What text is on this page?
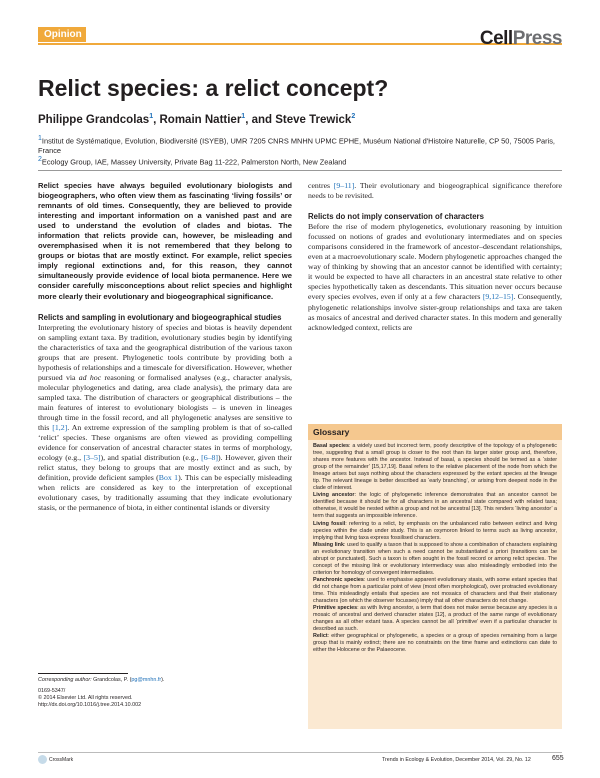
Opinion	CellPress
Relict species: a relict concept?
Philippe Grandcolas$^1$, Romain Nattier$^1$, and Steve Trewick$^2$
$^1$Institut de Systématique, Evolution, Biodiversité (ISYEB), UMR 7205 CNRS MNHN UPMC EPHE, Muséum National d'Histoire Naturelle, CP 50, 75005 Paris, France
$^2$Ecology Group, IAE, Massey University, Private Bag 11-222, Palmerston North, New Zealand

Relict species have always beguiled evolutionary biologists and biogeographers, who often view them as fascinating ‘living fossils’ or remnants of old times. Consequently, they are believed to provide interesting and important information on a vanished past and are used to understand the evolution of clades and biotas. The information that relicts provide can, however, be misleading and overemphasised when it is not remembered that they belong to groups or biotas that are mostly extinct. For example, relict species imply regional extinctions and, for this reason, they cannot simultaneously provide evidence of local biota permanence. Here we consider carefully misconceptions about relict species and highlight more clearly their evolutionary and biogeographical significance.

Relicts and sampling in evolutionary and biogeographical studies

Interpreting the evolutionary history of species and biotas is heavily dependent on sampling extant taxa. By tradition, evolutionary studies begin by identifying the characteristics of taxa and the geographical distribution of the various taxon groups that are present. Phylogenetic tools contribute by providing both a hypothesis of relationships and a timescale for diversification. However, whether pursued via ad hoc reasoning or formalised analyses (e.g., character analysis, molecular phylogenetics and dating, area clade analysis), the primary data are sampled taxa. The distribution of characters or geographical distributions – the main features of interest to evolutionary biologists – is uneven in lineages through time in the fossil record, and all phylogenetic analyses are sensitive to this [1,2]. An extreme expression of the sampling problem is that of so-called ‘relict’ species. These organisms are often viewed as providing compelling evidence for conservation of ancestral character states in terms of morphology, ecology (e.g., [3–5]), and spatial distribution (e.g., [6–8]). However, given their relict status, they belong to groups that are mostly extinct and as such, by definition, provide deficient samples (Box 1). This can be especially misleading when relicts are considered as key to the interpretation of exceptional evolutionary cases, by traditionally assuming that they indicate evolutionary stasis, or the permanence of biota, in either continental islands or diversity

centres [9–11]. Their evolutionary and biogeographical significance therefore needs to be revisited.

Relicts do not imply conservation of characters

Before the rise of modern phylogenetics, evolutionary reasoning by intuition focussed on notions of grades and evolutionary intermediates and on species comparisons considered in the framework of ancestor–descendant relationships, even at a macroevolutionary scale. Modern phylogenetic approaches changed the way of thinking by showing that an ancestor cannot be identified with certainty; it would be expected to have all characters in an ancestral state relative to other species hypothetically taken as descendants. This situation never occurs because every species evolves, even if only at a few characters [9,12–15]. Consequently, phylogenetic relationships involve sister-group relationships and taxa are taken as mosaics of ancestral and derived character states. In this modern and generally acknowledged context, relicts are

Glossary

Basal species: a widely used but incorrect term, poorly descriptive of the topology of a phylogenetic tree, suggesting that a small group is closer to the root than its larger sister group and, therefore, shares more features with the ancestor. Instead of basal, a species should be termed as a ‘sister group of the remainder’ [15,17,19]. Basal refers to the relative placement of the node from which the lineage arises but says nothing about the characters expressed by the extant species at the lineage tip. The relevant lineage is better described as ‘early branching’, or arising from deepest node in the clade of interest.

Living ancestor: the logic of phylogenetic inference demonstrates that an ancestor cannot be identified because it should be for all characters in an ancestral state compared with related taxa; otherwise, it would be nested within a group and not be ancestral [13]. This renders ‘living ancestor’ a term that suggests an impossible inference.

Living fossil: referring to a relict, by emphasis on the unbalanced ratio between extinct and living species within the clade under study. This is an oxymoron linked to terms such as living ancestor, implying that living taxa express fossilised characters.

Missing link: used to qualify a taxon that is supposed to show a combination of characters explaining an evolutionary transition when such a need cannot be substantiated a priori (transitions can be abrupt or punctuated). Such a taxon is often sought in the fossil record or among relict species. The concept of the missing link or evolutionary intermediacy was also misleadingly embodied into the criterion for homology of convergent intermediates.

Panchronic species: used to emphasise apparent evolutionary stasis, with some extant species that did not change from a particular point of view (most often morphological), over protracted evolutionary time. This misleadingly entails that species are not mosaics of characters and that their stationary characters (on which the observer focusses) imply that all other characters do not change.

Primitive species: as with living ancestor, a term that does not make sense because any species is a mosaic of ancestral and derived character states [12], a product of the same range of evolutionary changes as all other extant taxa. A species cannot be all ‘primitive’ even if a particular character is described as such.

Relict: either geographical or phylogenetic, a species or a group of species remaining from a large group that is mainly extinct; there are no constraints on the time frame and extinctions can date to either the Holocene or the Palaeocene.

Corresponding author: Grandcolas, P. (pg@mnhn.fr).
0169-5347/
© 2014 Elsevier Ltd. All rights reserved. http://dx.doi.org/10.1016/j.tree.2014.10.002
CrossMark	Trends in Ecology & Evolution, December 2014, Vol. 29, No. 12	655
